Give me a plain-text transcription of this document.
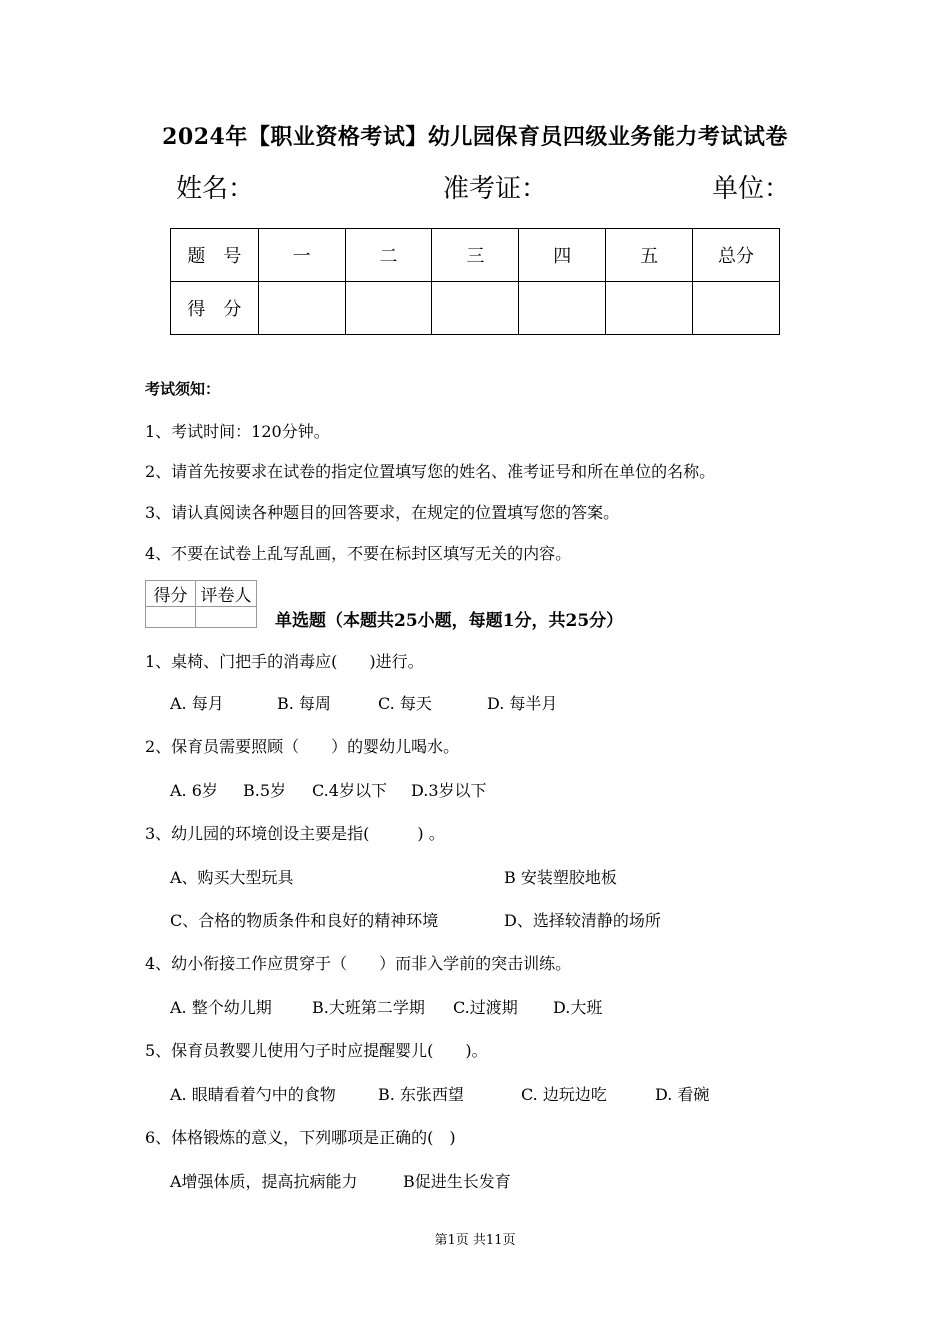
2024年【职业资格考试】幼儿园保育员四级业务能力考试试卷
姓名：	准考证：	单位：
题　号	一	二	三	四	五	总分
得　分						
考试须知：
1、考试时间：120分钟。
2、请首先按要求在试卷的指定位置填写您的姓名、准考证号和所在单位的名称。
3、请认真阅读各种题目的回答要求，在规定的位置填写您的答案。
4、不要在试卷上乱写乱画，不要在标封区填写无关的内容。
得分	评卷人

单选题（本题共25小题，每题1分，共25分）
1、桌椅、门把手的消毒应(　　)进行。
A. 每月	B. 每周	C. 每天	D. 每半月
2、保育员需要照顾（　　）的婴幼儿喝水。
A. 6岁 B.5岁 C.4岁以下 D.3岁以下
3、幼儿园的环境创设主要是指(　　　) 。
A、购买大型玩具	B 安装塑胶地板
C、合格的物质条件和良好的精神环境	D、选择较清静的场所
4、幼小衔接工作应贯穿于（　　）而非入学前的突击训练。
A. 整个幼儿期	B.大班第二学期 C.过渡期 D.大班
5、保育员教婴儿使用勺子时应提醒婴儿(　　)。
A. 眼睛看着勺中的食物	B. 东张西望	C. 边玩边吃	D. 看碗
6、体格锻炼的意义，下列哪项是正确的(　)
A增强体质，提高抗病能力	B促进生长发育
第1页 共11页
